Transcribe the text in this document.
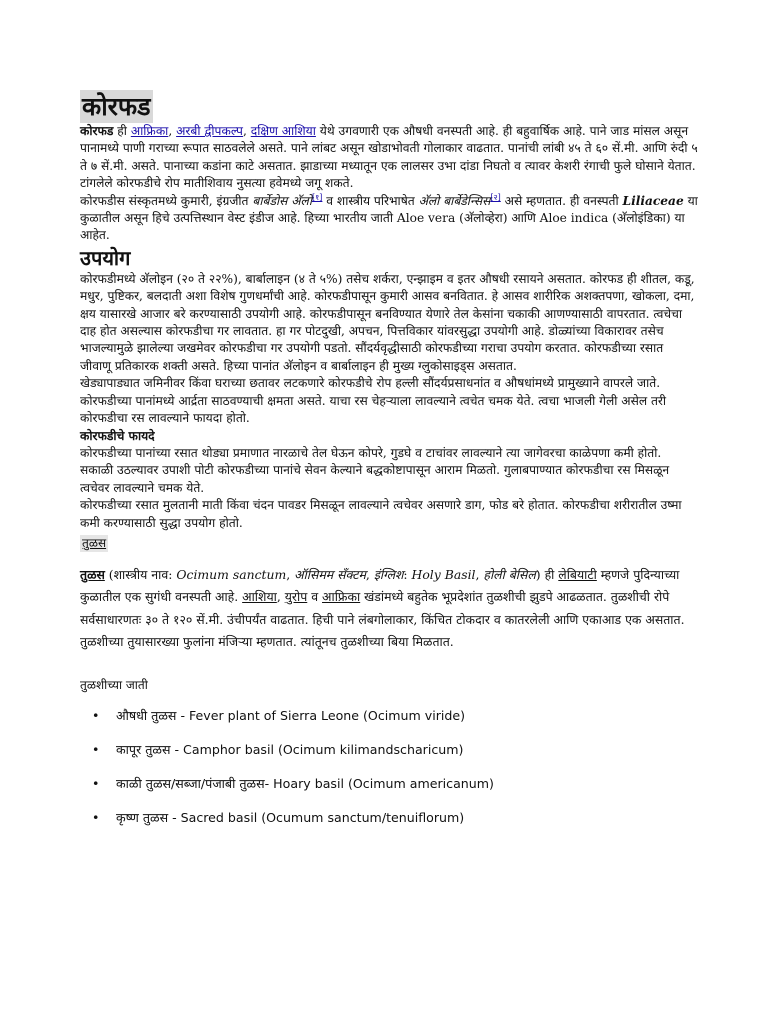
कोरफड

कोरफड ही आफ्रिका, अरबी द्वीपकल्प, दक्षिण आशिया येथे उगवणारी एक औषधी वनस्पती आहे. ही बहुवार्षिक आहे. पाने जाड मांसल असून पानामध्ये पाणी गराच्या रूपात साठवलेले असते. पाने लांबट असून खोडाभोवती गोलाकार वाढतात. पानांची लांबी ४५ ते ६० सें.मी. आणि रुंदी ५ ते ७ सें.मी. असते. पानाच्या कडांना काटे असतात. झाडाच्या मध्यातून एक लालसर उभा दांडा निघतो व त्यावर केशरी रंगाची फुले घोसाने येतात.

टांगलेले कोरफडीचे रोप मातीशिवाय नुसत्या हवेमध्ये जगू शकते.

कोरफडीस संस्कृतमध्ये कुमारी, इंग्रजीत बार्बेडोस अ‍ॅलो[१] व शास्त्रीय परिभाषेत अ‍ॅलो बार्बेडेन्सिस[२] असे म्हणतात. ही वनस्पती Liliaceae या कुळातील असून हिचे उत्पत्तिस्थान वेस्ट इंडीज आहे. हिच्या भारतीय जाती Aloe vera (अ‍ॅलोव्हेरा) आणि Aloe indica (अ‍ॅलोइंडिका) या आहेत.

उपयोग

कोरफडीमध्ये अ‍ॅलोइन (२० ते २२%), बार्बालाइन (४ ते ५%) तसेच शर्करा, एन्झाइम व इतर औषधी रसायने असतात. कोरफड ही शीतल, कडू, मधुर, पुष्टिकर, बलदाती अशा विशेष गुणधर्मांची आहे. कोरफडीपासून कुमारी आसव बनवितात. हे आसव शारीरिक अशक्तपणा, खोकला, दमा, क्षय यासारखे आजार बरे करण्यासाठी उपयोगी आहे. कोरफडीपासून बनविण्यात येणारे तेल केसांना चकाकी आणण्यासाठी वापरतात. त्वचेचा दाह होत असल्यास कोरफडीचा गर लावतात. हा गर पोटदुखी, अपचन, पित्तविकार यांवरसुद्धा उपयोगी आहे. डोळ्यांच्या विकारावर तसेच भाजल्यामुळे झालेल्या जखमेवर कोरफडीचा गर उपयोगी पडतो. सौंदर्यवृद्धीसाठी कोरफडीच्या गराचा उपयोग करतात. कोरफडीच्या रसात जीवाणू प्रतिकारक शक्ती असते. हिच्या पानांत अ‍ॅलोइन व बार्बालाइन ही मुख्य ग्लुकोसाइड्स असतात.

खेड्यापाड्यात जमिनीवर किंवा घराच्या छतावर लटकणारे कोरफडीचे रोप हल्ली सौंदर्यप्रसाधनांत व औषधांमध्ये प्रामुख्याने वापरले जाते. कोरफडीच्या पानांमध्ये आर्द्रता साठवण्याची क्षमता असते. याचा रस चेहऱ्याला लावल्याने त्वचेत चमक येते. त्वचा भाजली गेली असेल तरी कोरफडीचा रस लावल्याने फायदा होतो.

कोरफडीचे फायदे

कोरफडीच्या पानांच्या रसात थोड्या प्रमाणात नारळाचे तेल घेऊन कोपरे, गुडघे व टाचांवर लावल्याने त्या जागेवरचा काळेपणा कमी होतो.

सकाळी उठल्यावर उपाशी पोटी कोरफडीच्या पानांचे सेवन केल्याने बद्धकोष्टापासून आराम मिळतो. गुलाबपाण्यात कोरफडीचा रस मिसळून त्वचेवर लावल्याने चमक येते.

कोरफडीच्या रसात मुलतानी माती किंवा चंदन पावडर मिसळून लावल्याने त्वचेवर असणारे डाग, फोड बरे होतात. कोरफडीचा शरीरातील उष्मा कमी करण्यासाठी सुद्धा उपयोग होतो.

तुळस

तुळस (शास्त्रीय नाव: Ocimum sanctum, ऑसिमम सँक्टम, इंग्लिश: Holy Basil, होली बेसिल) ही लेबियाटी म्हणजे पुदिन्याच्या कुळातील एक सुगंधी वनस्पती आहे. आशिया, युरोप व आफ्रिका खंडांमध्ये बहुतेक भूप्रदेशांत तुळशीची झुडपे आढळतात. तुळशीची रोपे सर्वसाधारणतः ३० ते १२० सें.मी. उंचीपर्यंत वाढतात. हिची पाने लंबगोलाकार, किंचित टोकदार व कातरलेली आणि एकाआड एक असतात. तुळशीच्या तुयासारख्या फुलांना मंजिऱ्या म्हणतात. त्यांतूनच तुळशीच्या बिया मिळतात.

तुळशीच्या जाती

• औषधी तुळस - Fever plant of Sierra Leone (Ocimum viride)
• कापूर तुळस - Camphor basil (Ocimum kilimandscharicum)
• काळी तुळस/सब्जा/पंजाबी तुळस- Hoary basil (Ocimum americanum)
• कृष्ण तुळस - Sacred basil (Ocumum sanctum/tenuiflorum)
